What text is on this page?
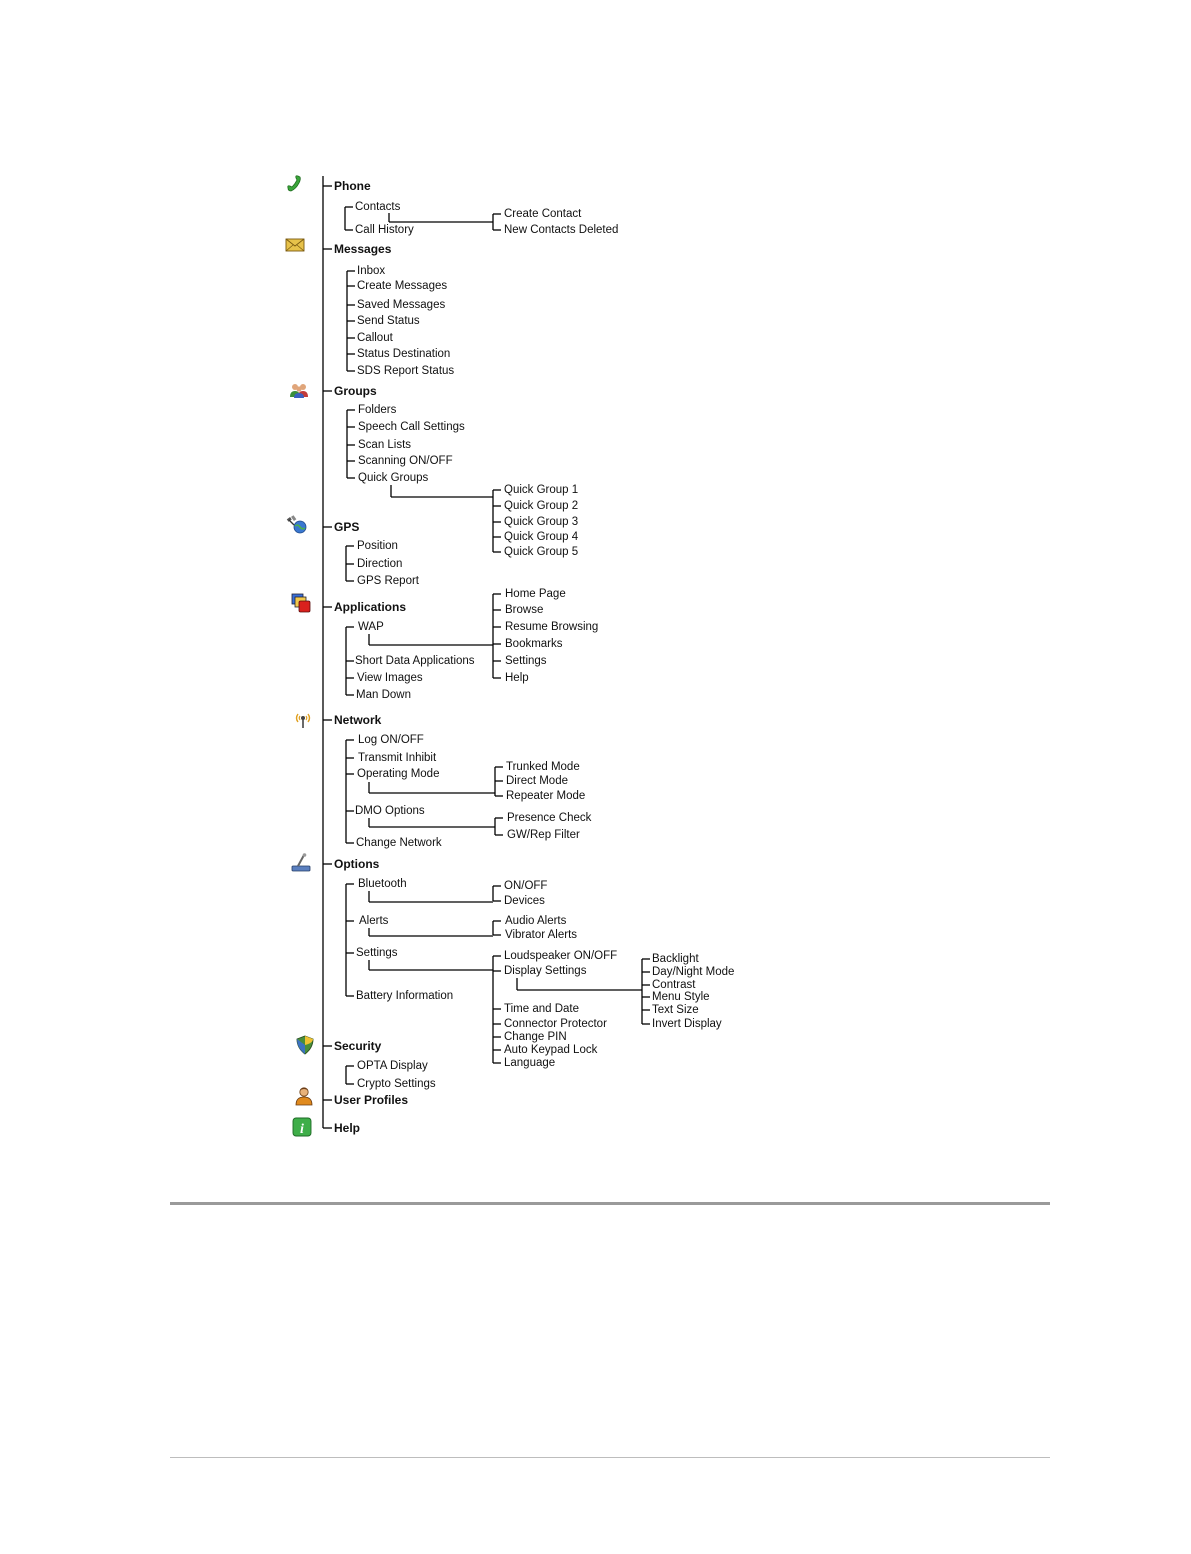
i
Phone
Messages
Groups
GPS
Applications
Network
Options
Security
User Profiles
Help
Contacts
Call History
Create Contact
New Contacts Deleted
Inbox
Create Messages
Saved Messages
Send Status
Callout
Status Destination
SDS Report Status
Folders
Speech Call Settings
Scan Lists
Scanning ON/OFF
Quick Groups
Quick Group 1
Quick Group 2
Quick Group 3
Quick Group 4
Quick Group 5
Position
Direction
GPS Report
WAP
Short Data Applications
View Images
Man Down
Home Page
Browse
Resume Browsing
Bookmarks
Settings
Help
Log ON/OFF
Transmit Inhibit
Operating Mode
DMO Options
Change Network
Trunked Mode
Direct Mode
Repeater Mode
Presence Check
GW/Rep Filter
Bluetooth
Alerts
Settings
Battery Information
ON/OFF
Devices
Audio Alerts
Vibrator Alerts
Loudspeaker ON/OFF
Display Settings
Time and Date
Connector Protector
Change PIN
Auto Keypad Lock
Language
Backlight
Day/Night Mode
Contrast
Menu Style
Text Size
Invert Display
OPTA Display
Crypto Settings
